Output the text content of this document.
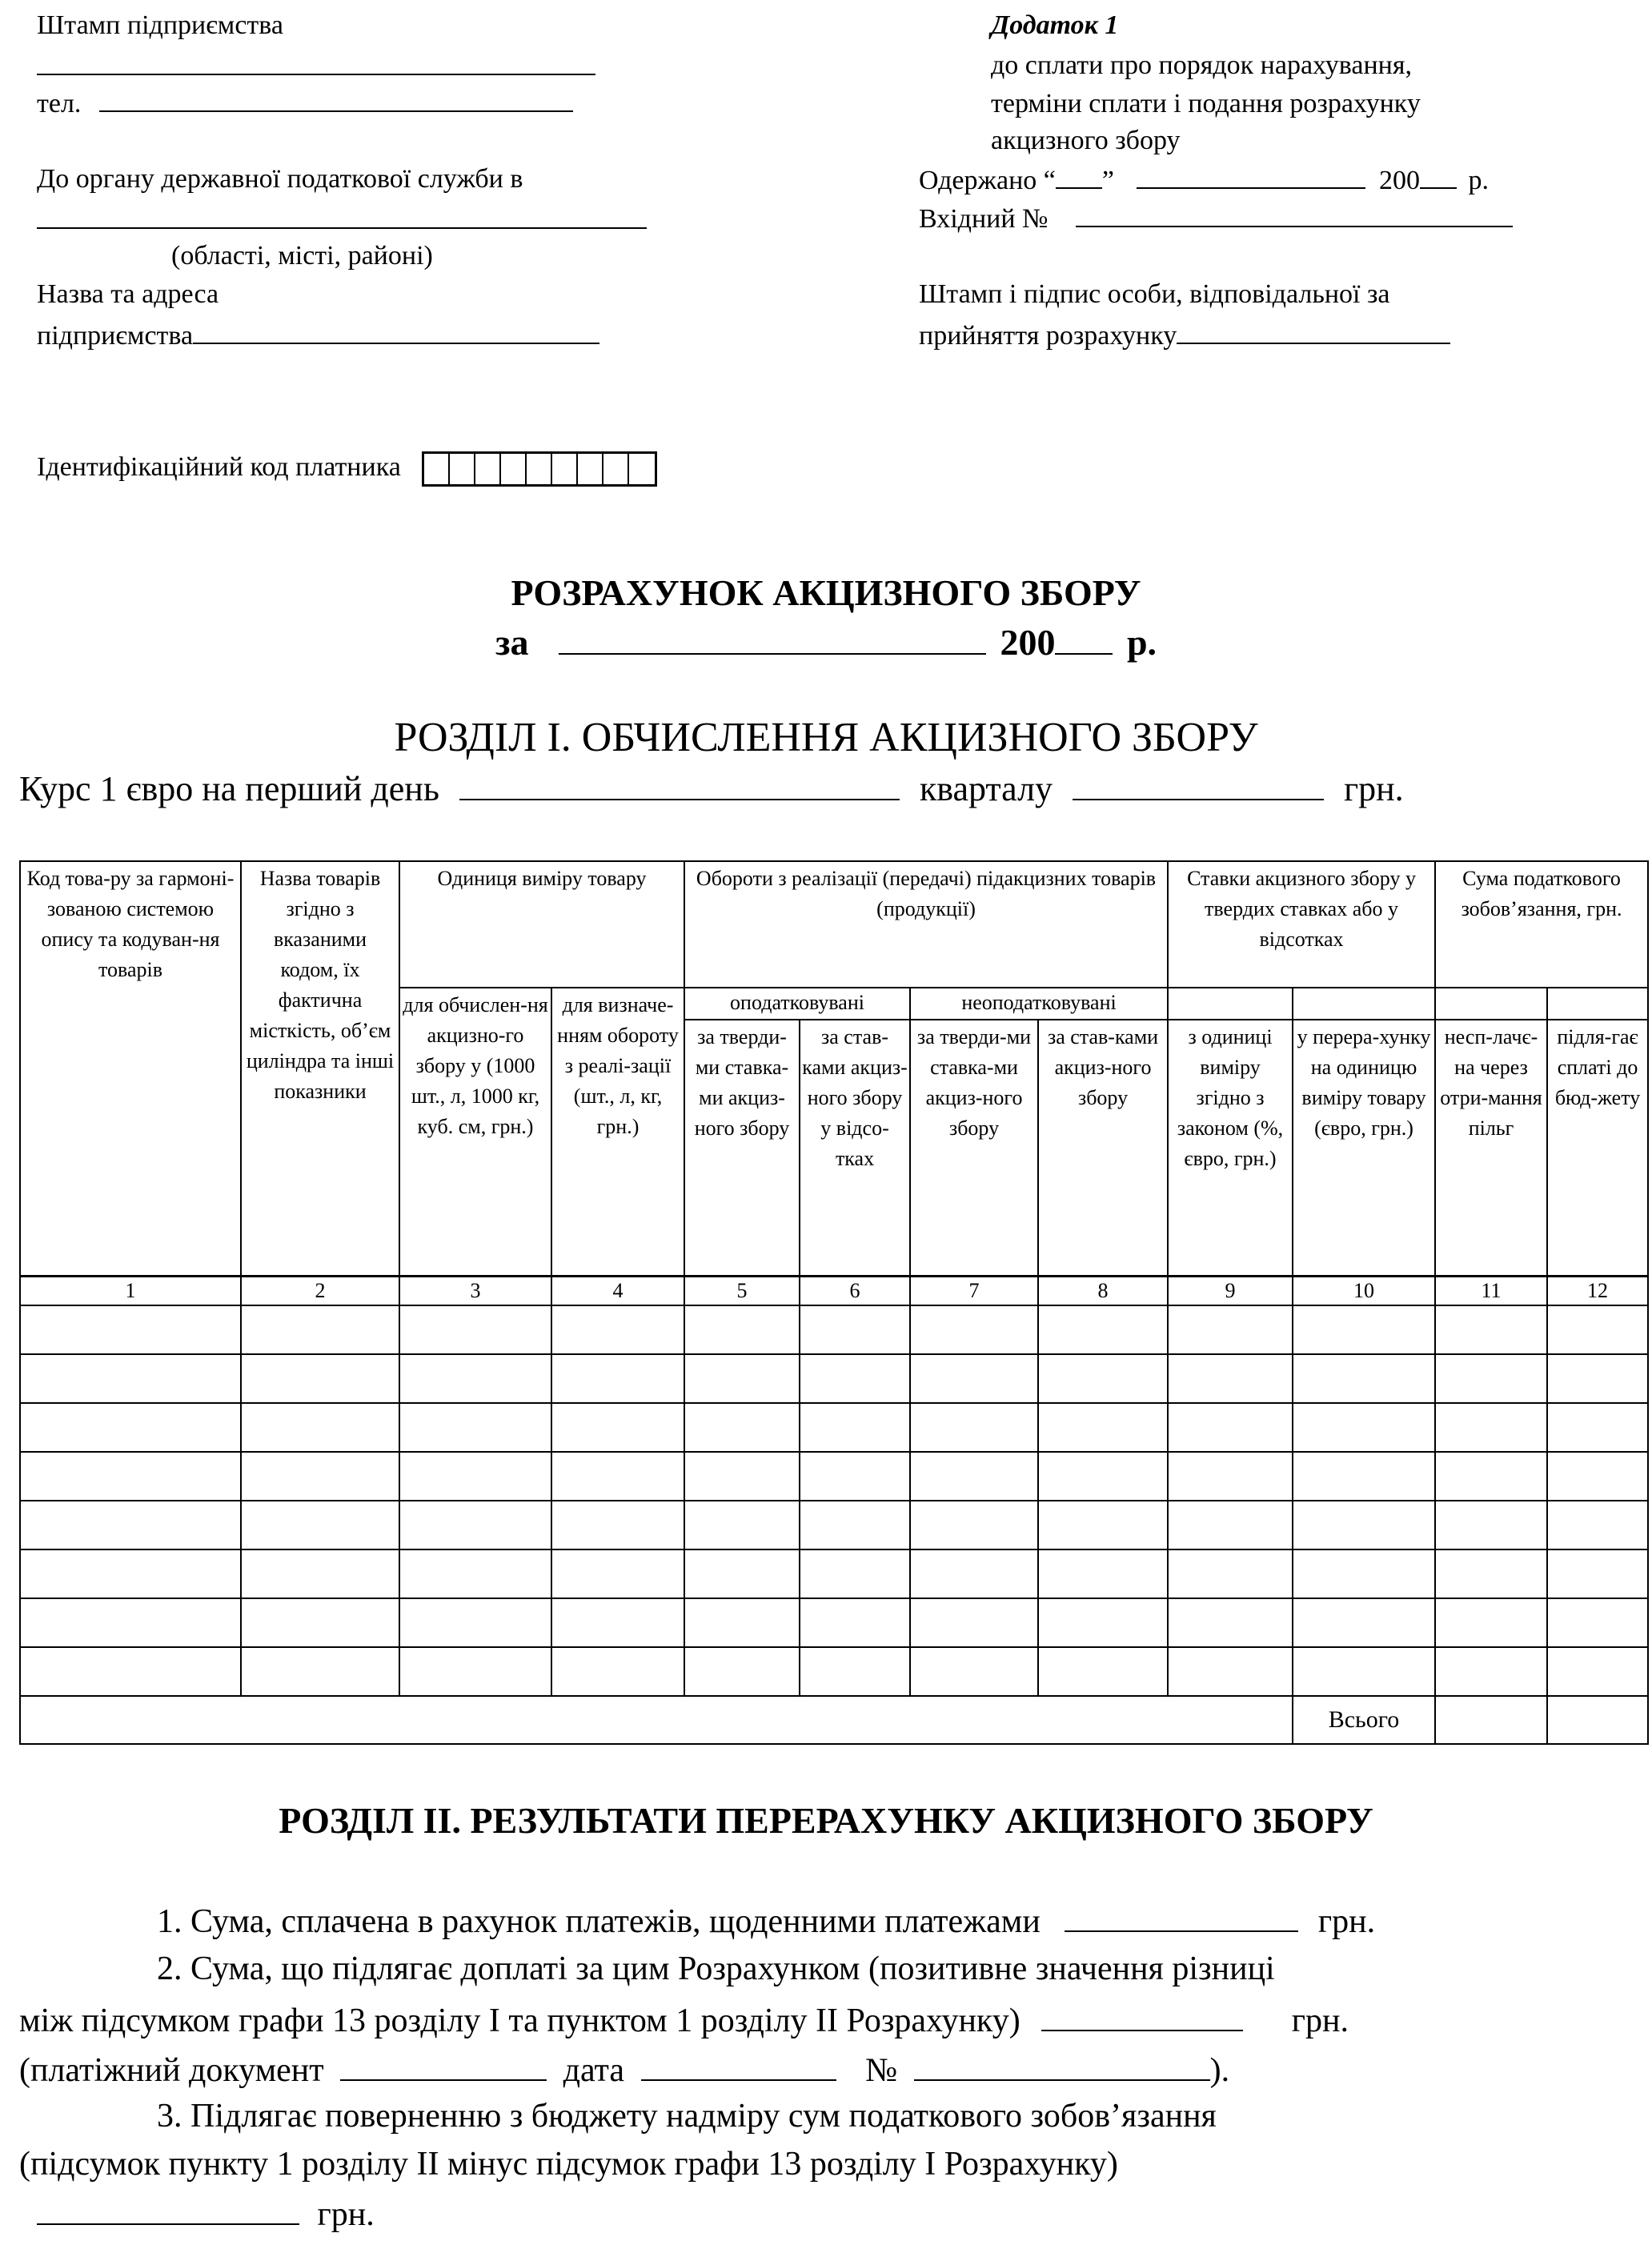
Штамп підприємства
тел.
До органу державної податкової служби в
(області, місті, районі)
Назва та адреса
підприємства
Додаток 1
до сплати про порядок нарахування,
терміни сплати і подання розрахунку
акцизного збору
Одержано “ ”	200 р.
Вхідний №
Штамп і підпис особи, відповідальної за
прийняття розрахунку
Ідентифікаційний код платника
РОЗРАХУНОК АКЦИЗНОГО ЗБОРУ
за	200 р.
РОЗДІЛ І. ОБЧИСЛЕННЯ АКЦИЗНОГО ЗБОРУ
Курс 1 євро на перший день	кварталу	грн.
Код това-ру за гармоні-зованою системою опису та кодуван-ня товарів	Назва товарів згідно з вказаними кодом, їх фактична місткість, об’єм циліндра та інші показники	Одиниця виміру товару		Обороти з реалізації (передачі) підакцизних товарів (продукції)				Ставки акцизного збору у твердих ставках або у відсотках		Сума податкового зобов’язання, грн.	
		для обчислен-ня акцизно-го збору у (1000 шт., л, 1000 кг, куб. см, грн.)	для визначе-нням обороту з реалі-зації (шт., л, кг, грн.)	оподатковувані		неоподатковувані					
				за тверди-ми ставка-ми акциз-ного збору	за став-ками акциз-ного збору у відсо-тках	за тверди-ми ставка-ми акциз-ного збору	за став-ками акциз-ного збору	з одиниці виміру згідно з законом (%, євро, грн.)	у перера-хунку на одиницю виміру товару (євро, грн.)	несп-лачє-на через отри-мання пільг	підля-гає сплаті до бюд-жету
1	2	3	4	5	6	7	8	9	10	11	12

									Всього		
РОЗДІЛ ІІ. РЕЗУЛЬТАТИ ПЕРЕРАХУНКУ АКЦИЗНОГО ЗБОРУ
1. Сума, сплачена в рахунок платежів, щоденними платежами	грн.
2. Сума, що підлягає доплаті за цим Розрахунком (позитивне значення різниці
між підсумком графи 13 розділу І та пунктом 1 розділу ІІ Розрахунку)	грн.
(платіжний документ	дата	№	).
3. Підлягає поверненню з бюджету надміру сум податкового зобов’язання
(підсумок пункту 1 розділу ІІ мінус підсумок графи 13 розділу І Розрахунку)
грн.
